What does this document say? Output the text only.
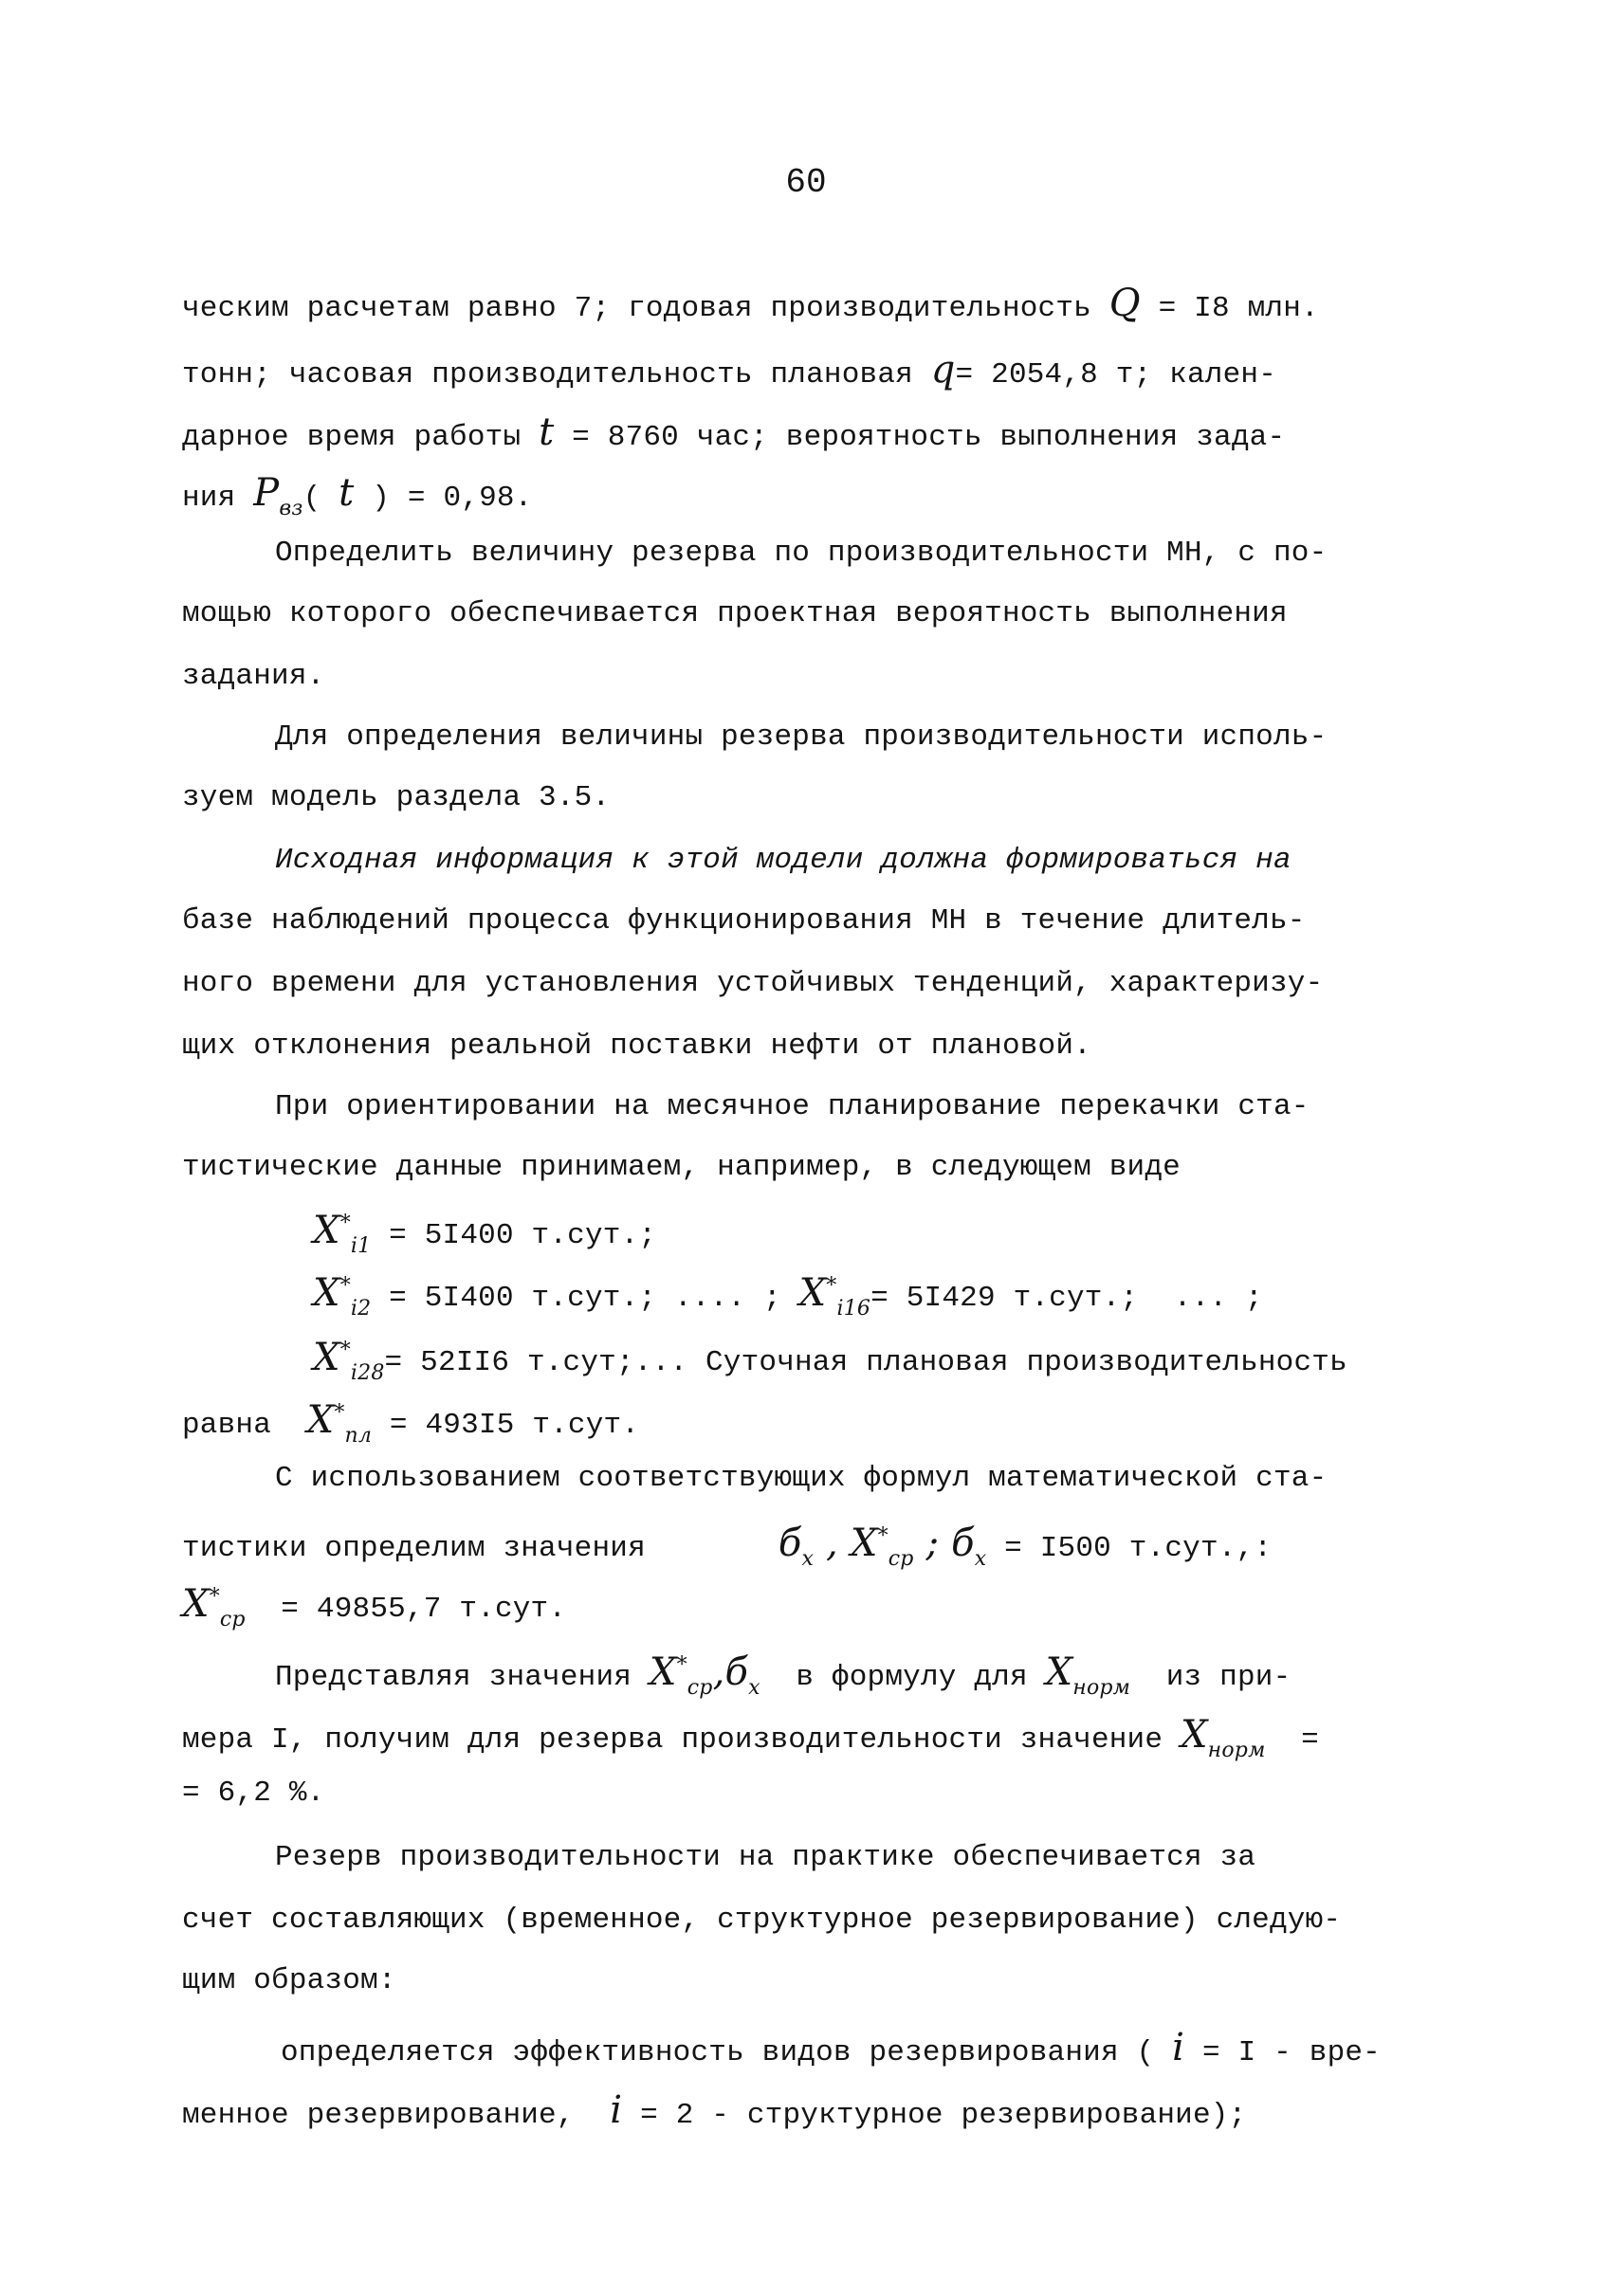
60
ческим расчетам равно 7; годовая производительность Q = I8 млн.
тонн; часовая производительность плановая q= 2054,8 т; кален-
дарное время работы t = 8760 час; вероятность выполнения зада-
ния $P_{вз}$( t ) = 0,98.
Определить величину резерва по производительности МН, с по-
мощью которого обеспечивается проектная вероятность выполнения
задания.
Для определения величины резерва производительности исполь-
зуем модель раздела 3.5.
Исходная информация к этой модели должна формироваться на
базе наблюдений процесса функционирования МН в течение длитель-
ного времени для установления устойчивых тенденций, характеризу-
щих отклонения реальной поставки нефти от плановой.
При ориентировании на месячное планирование перекачки ста-
тистические данные принимаем, например, в следующем виде
$X^*_{i1} = 5I400$ т.сут.;
$X^*_{i2} = 5I400$ т.сут.; .... ; $X^*_{i16}= 5I429$ т.сут.;  ... ;
$X^*_{i28}= 52II6$ т.сут;... Суточная плановая производительность
равна  $X^*_{пл} = 493I5$ т.сут.
С использованием соответствующих формул математической ста-
тистики определим значения	$б_x$ , $X^*_{ср}$ ; $б_x = I500$ т.сут.,:
$X^*_{ср} = 49855,7$ т.сут.
Представляя значения $X^*_{ср},б_x$  в формулу для $X_{норм}$  из при-
мера I, получим для резерва производительности значение $X_{норм}$  =
= 6,2 %.
Резерв производительности на практике обеспечивается за
счет составляющих (временное, структурное резервирование) следую-
щим образом:
определяется эффективность видов резервирования ( i = I - вре-
менное резервирование,  i = 2 - структурное резервирование);
